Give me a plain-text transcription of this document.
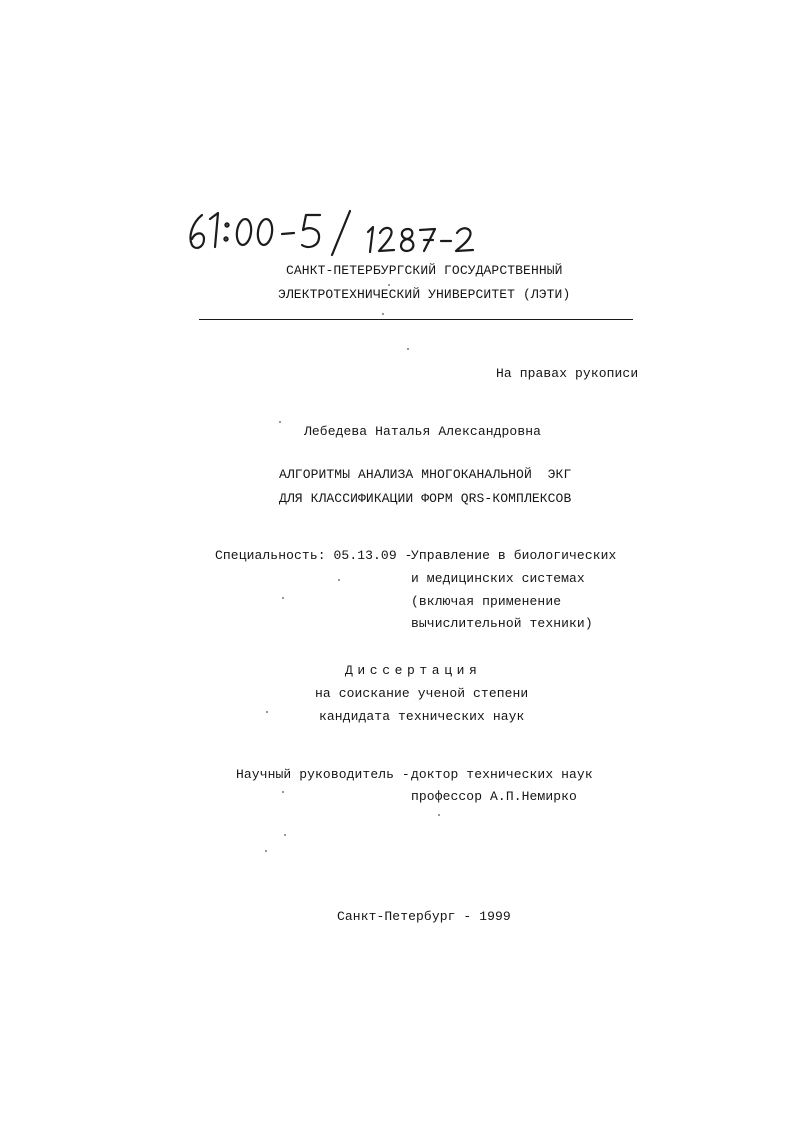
САНКТ-ПЕТЕРБУРГСКИЙ ГОСУДАРСТВЕННЫЙ
ЭЛЕКТРОТЕХНИЧЕСКИЙ УНИВЕРСИТЕТ (ЛЭТИ)
На правах рукописи
Лебедева Наталья Александровна
АЛГОРИТМЫ АНАЛИЗА МНОГОКАНАЛЬНОЙ  ЭКГ
ДЛЯ КЛАССИФИКАЦИИ ФОРМ QRS-КОМПЛЕКСОВ
Специальность: 05.13.09 -
Управление в биологических
и медицинских системах
(включая применение
вычислительной техники)
Диссертация
на соискание ученой степени
кандидата технических наук
Научный руководитель - доктор технических наук
профессор А.П.Немирко
Санкт-Петербург - 1999
